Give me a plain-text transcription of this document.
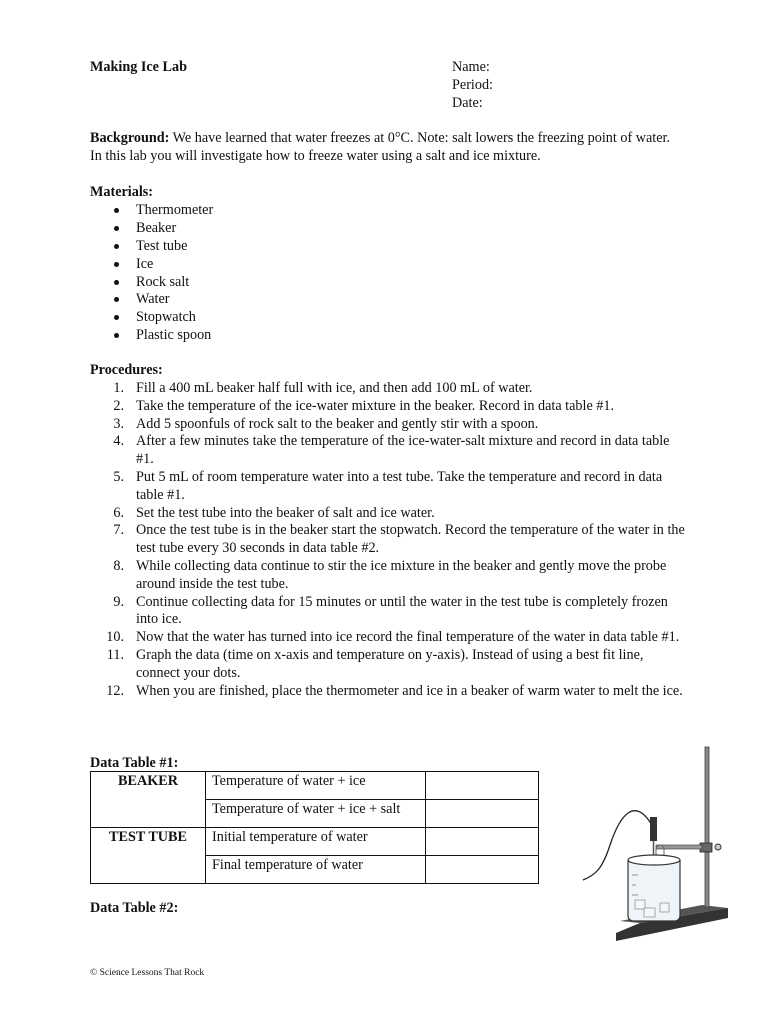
Making Ice Lab	Name:
Period:
Date:
Background: We have learned that water freezes at 0°C. Note: salt lowers the freezing point of water. In this lab you will investigate how to freeze water using a salt and ice mixture.
Materials:
Thermometer
Beaker
Test tube
Ice
Rock salt
Water
Stopwatch
Plastic spoon
Procedures:
1. Fill a 400 mL beaker half full with ice, and then add 100 mL of water.
2. Take the temperature of the ice-water mixture in the beaker. Record in data table #1.
3. Add 5 spoonfuls of rock salt to the beaker and gently stir with a spoon.
4. After a few minutes take the temperature of the ice-water-salt mixture and record in data table #1.
5. Put 5 mL of room temperature water into a test tube. Take the temperature and record in data table #1.
6. Set the test tube into the beaker of salt and ice water.
7. Once the test tube is in the beaker start the stopwatch. Record the temperature of the water in the test tube every 30 seconds in data table #2.
8. While collecting data continue to stir the ice mixture in the beaker and gently move the probe around inside the test tube.
9. Continue collecting data for 15 minutes or until the water in the test tube is completely frozen into ice.
10. Now that the water has turned into ice record the final temperature of the water in data table #1.
11. Graph the data (time on x-axis and temperature on y-axis). Instead of using a best fit line, connect your dots.
12. When you are finished, place the thermometer and ice in a beaker of warm water to melt the ice.
Data Table #1:
BEAKER	Temperature of water + ice	
	Temperature of water + ice + salt	
TEST TUBE	Initial temperature of water	
	Final temperature of water	
Data Table #2:
© Science Lessons That Rock
